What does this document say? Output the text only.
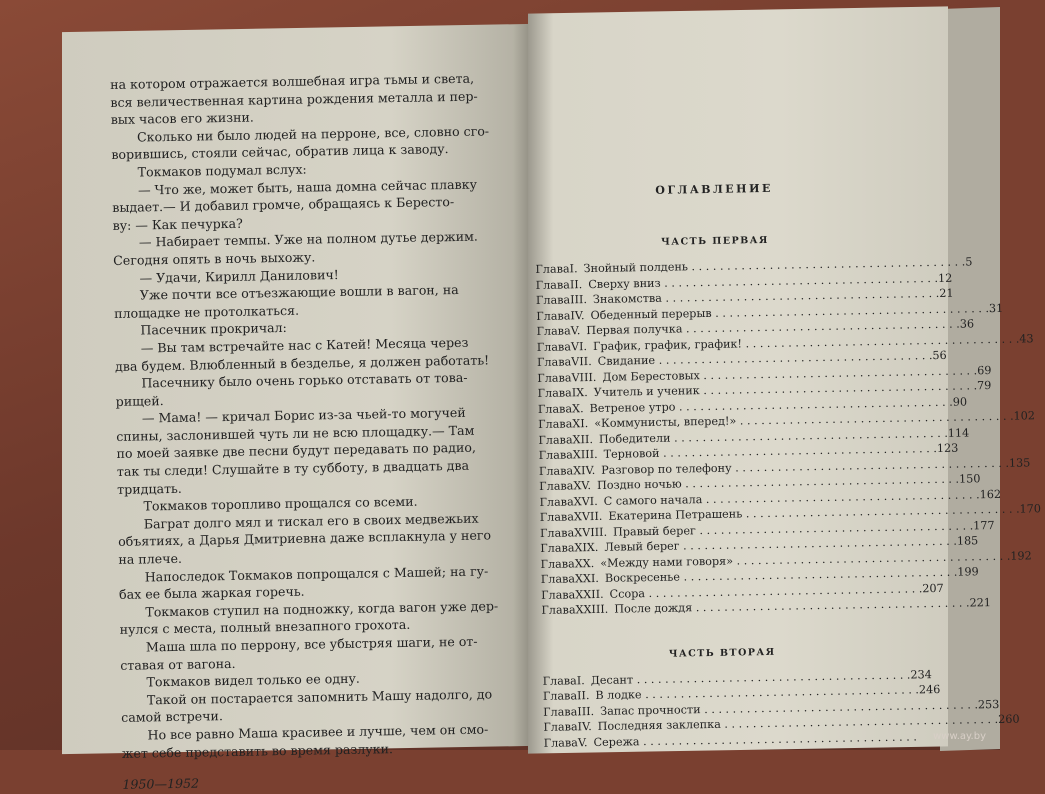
на котором отражается волшебная игра тьмы и света,

вся величественная картина рождения металла и пер-

вых часов его жизни.

Сколько ни было людей на перроне, все, словно сго-

ворившись, стояли сейчас, обратив лица к заводу.

Токмаков подумал вслух:

— Что же, может быть, наша домна сейчас плавку

выдает.— И добавил громче, обращаясь к Бересто-

ву: — Как печурка?

— Набирает темпы. Уже на полном дутье держим.

Сегодня опять в ночь выхожу.

— Удачи, Кирилл Данилович!

Уже почти все отъезжающие вошли в вагон, на

площадке не протолкаться.

Пасечник прокричал:

— Вы там встречайте нас с Катей! Месяца через

два будем. Влюбленный в безделье, я должен работать!

Пасечнику было очень горько отставать от това-

рищей.

— Мама! — кричал Борис из-за чьей-то могучей

спины, заслонившей чуть ли не всю площадку.— Там

по моей заявке две песни будут передавать по радио,

так ты следи! Слушайте в ту субботу, в двадцать два

тридцать.

Токмаков торопливо прощался со всеми.

Баграт долго мял и тискал его в своих медвежьих

объятиях, а Дарья Дмитриевна даже всплакнула у него

на плече.

Напоследок Токмаков попрощался с Машей; на гу-

бах ее была жаркая горечь.

Токмаков ступил на подножку, когда вагон уже дер-

нулся с места, полный внезапного грохота.

Маша шла по перрону, все убыстряя шаги, не от-

ставая от вагона.

Токмаков видел только ее одну.

Такой он постарается запомнить Машу надолго, до

самой встречи.

Но все равно Маша красивее и лучше, чем он смо-

жет себе представить во время разлуки.

1950—1952

ОГЛАВЛЕНИЕ

ЧАСТЬ ПЕРВАЯ

Глава I. Знойный полдень . . .	5
Глава II. Сверху вниз . . .	12
Глава III. Знакомства . . .	21
Глава IV. Обеденный перерыв . . .	31
Глава V. Первая получка . . .	36
Глава VI. График, график, график! . . .	43
Глава VII. Свидание . . .	56
Глава VIII. Дом Берестовых . . .	69
Глава IX. Учитель и ученик . . .	79
Глава X. Ветреное утро . . .	90
Глава XI. «Коммунисты, вперед!» . . .	102
Глава XII. Победители . . .	114
Глава XIII. Терновой . . .	123
Глава XIV. Разговор по телефону . . .	135
Глава XV. Поздно ночью . . .	150
Глава XVI. С самого начала . . .	162
Глава XVII. Екатерина Петрашень . . .	170
Глава XVIII. Правый берег . . .	177
Глава XIX. Левый берег . . .	185
Глава XX. «Между нами говоря» . . .	192
Глава XXI. Воскресенье . . .	199
Глава XXII. Ссора . . .	207
Глава XXIII. После дождя . . .	221

ЧАСТЬ ВТОРАЯ

Глава I. Десант . . .	234
Глава II. В лодке . . .	246
Глава III. Запас прочности . . .	253
Глава IV. Последняя заклепка . . .	260
Глава V. Сережа . . .	www.ay.by
